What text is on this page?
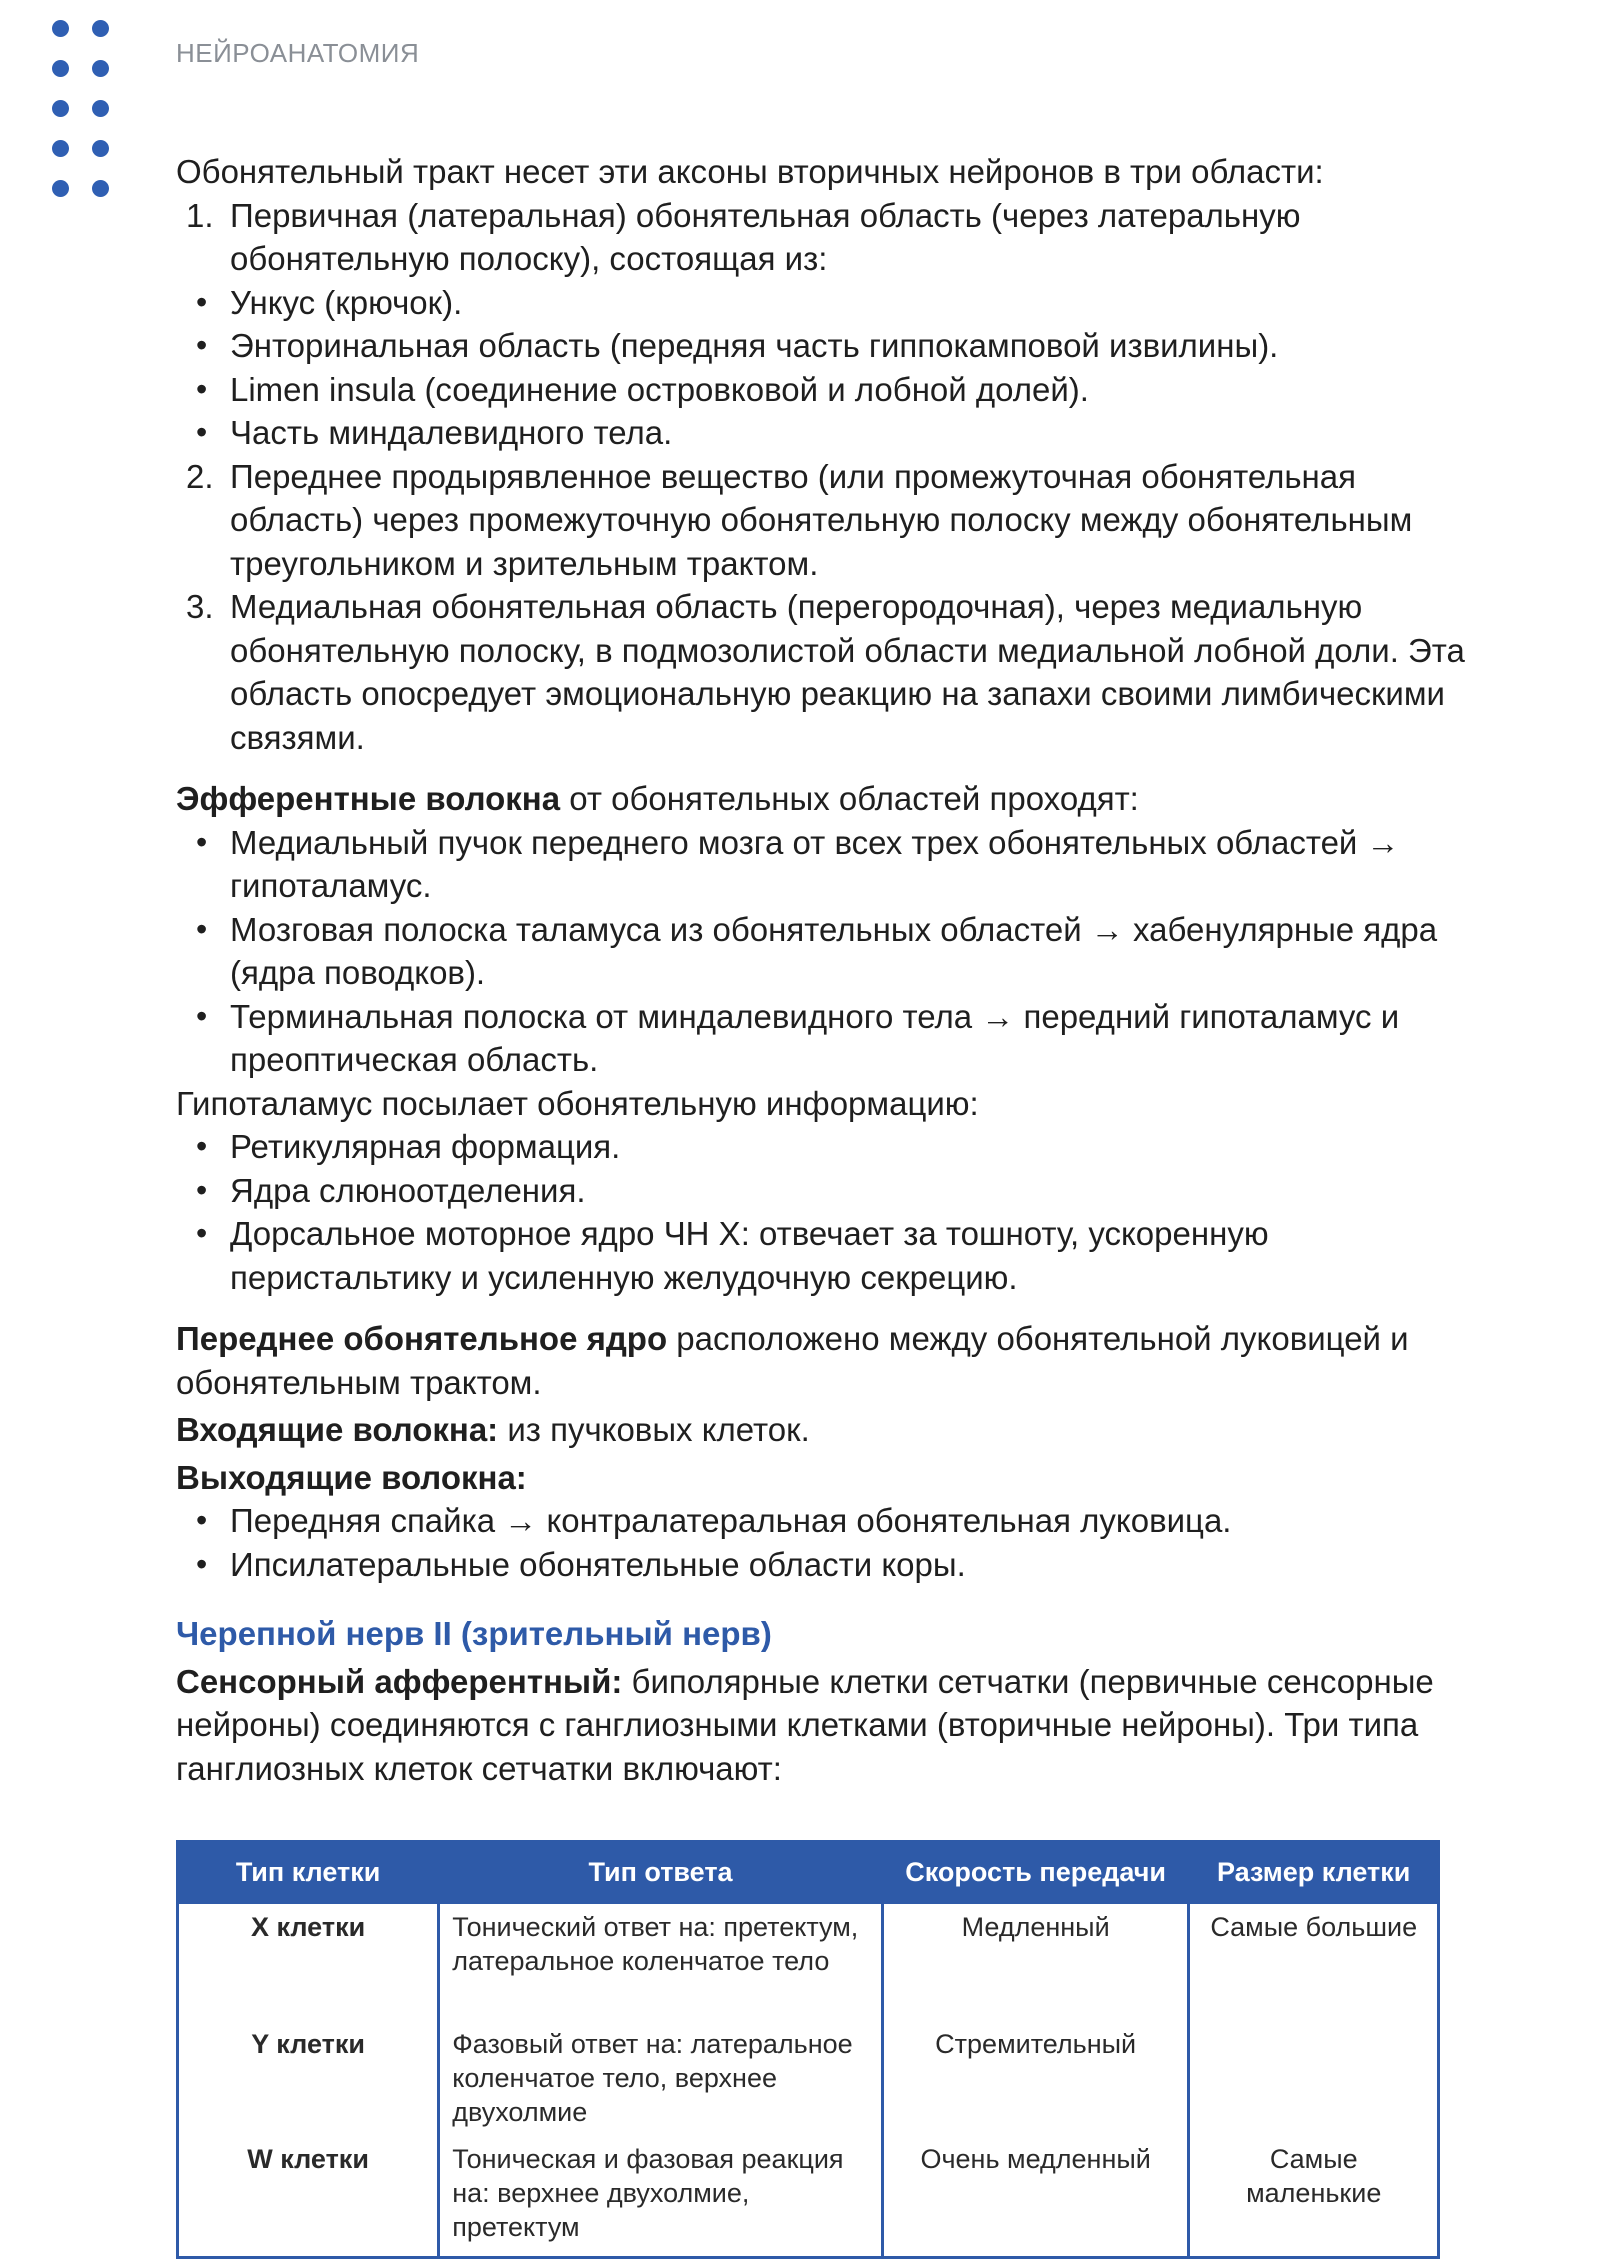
НЕЙРОАНАТОМИЯ

Обонятельный тракт несет эти аксоны вторичных нейронов в три области:

1. Первичная (латеральная) обонятельная область (через латеральную обонятельную полоску), состоящая из:
• Ункус (крючок).
• Энторинальная область (передняя часть гиппокамповой извилины).
• Limen insula (соединение островковой и лобной долей).
• Часть миндалевидного тела.
2. Переднее продырявленное вещество (или промежуточная обонятельная область) через промежуточную обонятельную полоску между обонятельным треугольником и зрительным трактом.
3. Медиальная обонятельная область (перегородочная), через медиальную обонятельную полоску, в подмозолистой области медиальной лобной доли. Эта область опосредует эмоциональную реакцию на запахи своими лимбическими связями.

Эфферентные волокна от обонятельных областей проходят:

• Медиальный пучок переднего мозга от всех трех обонятельных областей → гипоталамус.
• Мозговая полоска таламуса из обонятельных областей → хабенулярные ядра (ядра поводков).
• Терминальная полоска от миндалевидного тела → передний гипоталамус и преоптическая область.

Гипоталамус посылает обонятельную информацию:

• Ретикулярная формация.
• Ядра слюноотделения.
• Дорсальное моторное ядро ЧН X: отвечает за тошноту, ускоренную перистальтику и усиленную желудочную секрецию.

Переднее обонятельное ядро расположено между обонятельной луковицей и обонятельным трактом.

Входящие волокна: из пучковых клеток.

Выходящие волокна:

• Передняя спайка → контралатеральная обонятельная луковица.
• Ипсилатеральные обонятельные области коры.

Черепной нерв II (зрительный нерв)

Сенсорный афферентный: биполярные клетки сетчатки (первичные сенсорные нейроны) соединяются с ганглиозными клетками (вторичные нейроны). Три типа ганглиозных клеток сетчатки включают:

Тип клетки	Тип ответа	Скорость передачи	Размер клетки
X клетки	Тонический ответ на: претектум, латеральное коленчатое тело	Медленный	Самые большие
Y клетки	Фазовый ответ на: латеральное коленчатое тело, верхнее двухолмие	Стремительный	
W клетки	Тоническая и фазовая реакция на: верхнее двухолмие, претектум	Очень медленный	Самые маленькие
